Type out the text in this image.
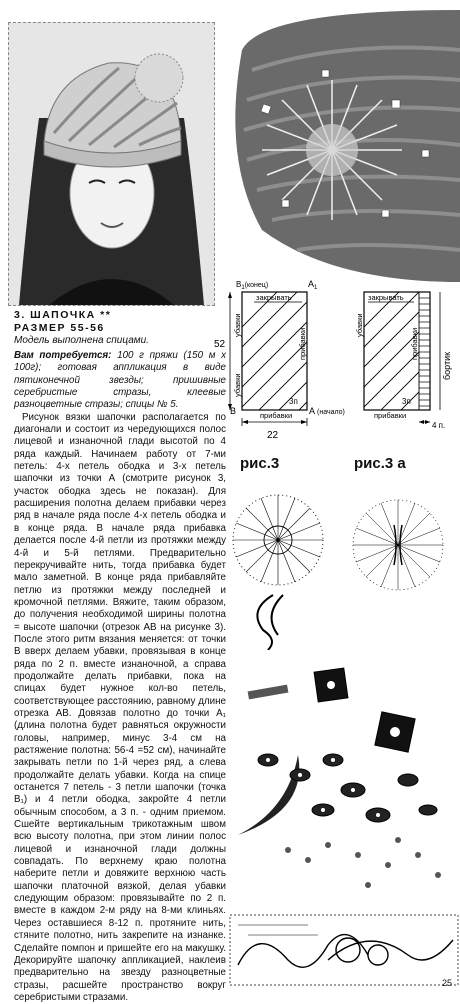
3. ШАПОЧКА **
РАЗМЕР 55-56
Модель выполнена спицами.

Вам потребуется: 100 г пряжи (150 м х 100г); готовая аппликация в виде пятиконечной звезды; пришивные серебристые стразы, клеевые разноцветные стразы; спицы № 5.

Рисунок вязки шапочки располагается по диагонали и состоит из чередующихся полос лицевой и изнаночной глади высотой по 4 ряда каждый. Начинаем работу от 7-ми петель: 4-х петель ободка и 3-х петель шапочки из точки А (смотрите рисунок 3, участок ободка здесь не показан). Для расширения полотна делаем прибавки через ряд в начале ряда после 4-х петель ободка и в конце ряда. В начале ряда прибавка делается после 4-й петли из протяжки между 4-й и 5-й петлями. Предварительно перекручивайте нить, тогда прибавка будет мало заметной. В конце ряда прибавляйте петлю из протяжки между последней и кромочной петлями. Вяжите, таким образом, до получения необходимой ширины полотна = высоте шапочки (отрезок АВ на рисунке 3). После этого ритм вязания меняется: от точки В вверх делаем убавки, провязывая в конце ряда по 2 п. вместе изнаночной, а справа продолжайте делать прибавки, пока на спицах будет нужное кол-во петель, соответствующее расстоянию, равному длине отрезка АВ. Довязав полотно до точки А₁ (длина полотна будет равняться окружности головы, например, минус 3-4 см на растяжение полотна: 56-4 =52 см), начинайте закрывать петли по 1-й через ряд, а слева продолжайте делать убавки. Когда на спице останется 7 петель - 3 петли шапочки (точка В₁) и 4 петли ободка, закройте 4 петли обычным способом, а 3 п. - одним приемом. Сшейте вертикальным трикотажным швом всю высоту полотна, при этом линии полос лицевой и изнаночной глади должны совпадать. По верхнему краю полотна наберите петли и довяжите верхнюю часть шапочки платочной вязкой, делая убавки следующим образом: провязывайте по 2 п. вместе в каждом 2-м ряду на 8-ми клиньях. Через оставшиеся 8-12 п. протяните нить, стяните полотно, нить закрепите на изнанке. Сделайте помпон и пришейте его на макушку. Декорируйте шапочку аппликацией, наклеив предварительно на звезду разноцветные стразы, расшейте пространство вокруг серебристыми стразами.

$B_1(конец)$	$A_1$
закрывать
убавки
убавки
прибавки
прибавки
3п
B	A (начало)
52
22
закрывать
убавки
прибавки
прибавки
3п
бортик
4 п.
рис.3	рис.3 а
25
